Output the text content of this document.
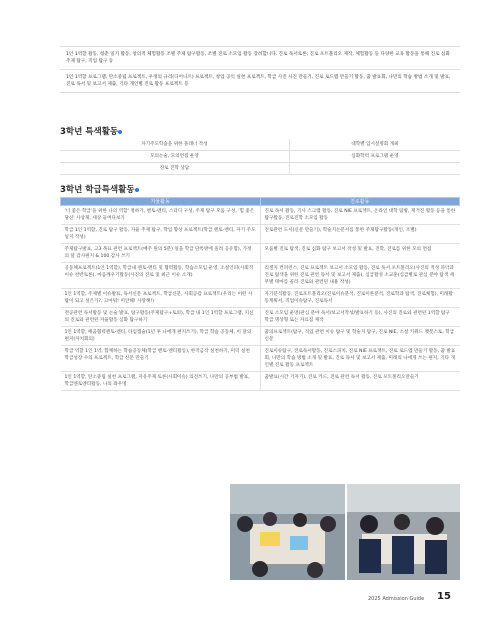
1인 1역할 활동, 청춘 일기 활동, 창의적 체험활동 조별 주제 탐구활동, 조별 진로 소모임 활동 장려합니다. 진로 독서토론, 진로 포트폴리오 제작, 체험활동 등 다양한 교육 활동을 통해 진로 심화 주제 탐구, 직업 탐구 등
1인 1역할 프로그램, 탄소중립 프로젝트, 우정의 규리(디어니르) 프로젝트, 창업 공익 실천 프로젝트, 학급 사진 사진 만들기, 진로 로드맵 만들기 활동, 꿈 발표회, 나만의 학습 방법 소개 및 발표, 진로 독서 및 보고서 제출, 기타 개인별 진로 활동 프로젝트 등
3학년 특색활동
자기주도학습을 위한 플래너 작성	대학별 입시설명회 개최
모의논술, 모의면접 운영	심화학력 프로그램 운영
진로 진학 상담	
3학년 학급특색활동
자율활동	진로활동
'너 좋은 학급'을 위한 나의 역할' 정하기, 멘토-멘티, 스터디 구성, 주제 탐구 모둠 구성, '힘 좋은 당신' 사상제, 세상 들여다보기	진로 독서 활동, 기사 스크랩 활동, 진로 NIE 프로젝트, 온라인 대학 탐방, 재거진 활동 등을 통한 탐구활동, 진로진학 소모임 활동
학급 1인 1역할, 진로 탐구 활동, 자율 주제 탐구, 학업 향상 프로젝트(학급 멘토-멘티, 자기 주도 일지 작성)	진로관련 도서(신문 만들기), 학술지논문서를 통한 주제탐구활동(개인, 조별)
주제탐구발표, 고3 목표 관련 프로젝트(매주 원의 5분) 일을 학급 단톡방에 올려 공유함), 가정의 달 감사편지 & 100 감사 쓰기	모둠별 진로 탐색, 진로 심화 탐구 보고서 작성 및 발표, 진학, 진로를 위한 모의 면접
공동체프로젝트(1인 1역할), 학급내 멘토-멘티 및 협력활동, 학습소모임 운영, 소설인피(사회적 이슈 찬반토론), 마음깨우기활동(사진의 진로 및 최근 이슈 소개)	리셀지 컨퍼런스, 진로 프로젝트 보고서 소모임 활동, 진로 독서 포트폴리오(사진의 적성 파악과 진로 탐색을 위한 진로 관련 독서 및 보고서 제출), 심급활성 소교훈(심급별로 관심 분야 탐색 세무별 테마를 골라 진로와 관련된 내용 작성)
1인 1역할, 주제별 이슈발표, 독서신문 프로젝트, 학급신문, 사회공감 프로젝트(우리는 어떤 사람이 되고 싶은가?, 고마워! 미안해! 사랑해!)	자기분석활동, 진로포트폴리오(진로이슈분석, 진로이론분석, 진로학과 탐색, 진로체험), 미래활동계획서, 직업이슈탐구, 진로독서
전공관련 독서활동 및 논술 발표, 탐구활동(주제탐구+토의), 학급 내 1인 1역할 프로그램, 지신의 진로와 관련된 자율활동 심화 탐구하기	진로 소모임 운영(관심 분야 독서/보고서작성/발표하기 등), 사진의 진로와 관련된 1역할 탐구 학급 명상형 또는 자료집 제작
1인 1역할, 배움협력멘토-멘티, 타임캡슐(1년 후 나에게 편지쓰기), 학급 학습 공동체, 이 달의 편지(자치회의)	꿈의프로젝트(탐구, 직업 관련 이슈 탐구 및 학술지 탐구, 진로 NIE, 소설 키워드 챗봇스토, 학급 신문
학급 역할 1인 1역, 함께하는 학습공동체(학급 멘토-멘티활동), 한작금작 실천하기, 미덕 실천 학급성장 수의 프로젝트, 학급 신문 만들기	진로이슈탐구, 진로독서활동, 진로스피치, 진로 NIE 프로젝트, 진로 로드맵 만들기 활동, 꿈 발표회, 나만의 학습 방법 소개 및 발표, 진로 독서 및 보고서 제출, 미래의 나에게 쓰는 편지, 기타 개인별 진로 활동 프로젝트
1인 1역할, 탄소중립 실천 프로그램, 자유주제 토론(사회이슈) 의견쓰기, 나만의 공부법 발표, 학급멘토멘티활동, 나의 좌우명	꿈발표(시간 기자기), 진로 카드, 진로 관련 독서 활동, 진로 포트폴리오만들기
2025 Admission Guide 15
